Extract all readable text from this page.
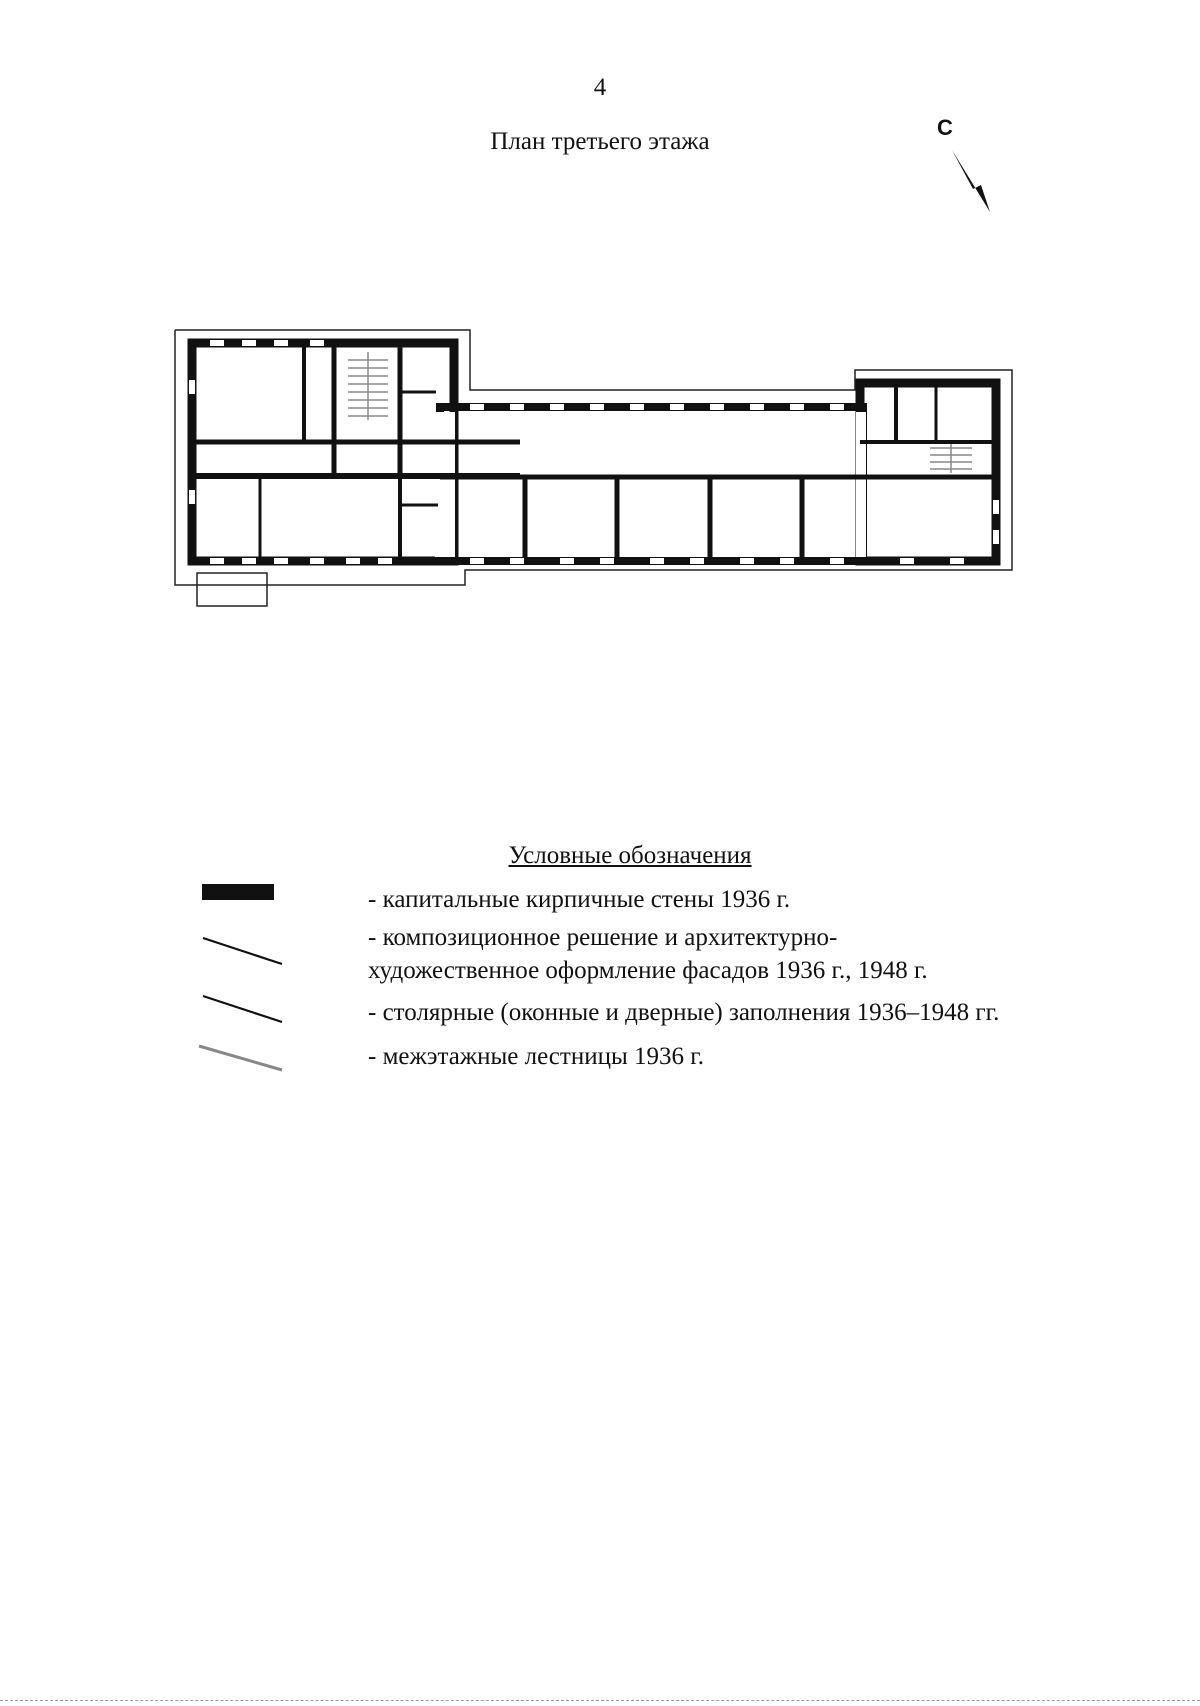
4
План третьего этажа
С
Условные обозначения
- капитальные кирпичные стены 1936 г.
- композиционное решение и архитектурно-
художественное оформление фасадов 1936 г., 1948 г.
- столярные (оконные и дверные) заполнения 1936–1948 гг.
- межэтажные лестницы 1936 г.
